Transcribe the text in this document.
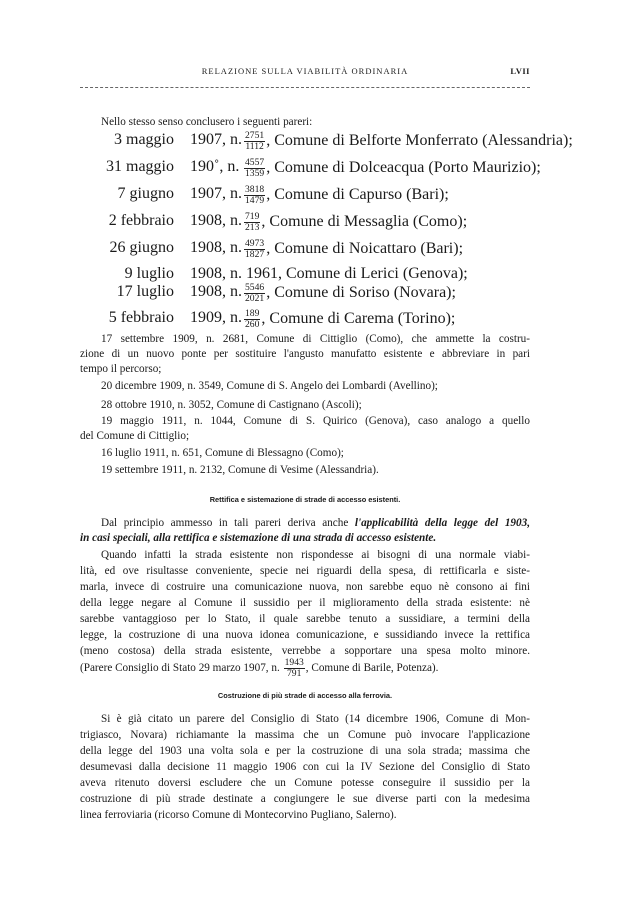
RELAZIONE SULLA VIABILITÀ ORDINARIA	LVII
Nello stesso senso conclusero i seguenti pareri:
3 maggio 1907, n. $\frac{2751}{1112}$ , Comune di Belforte Monferrato (Alessandria);
31 maggio 190˚, n. $\frac{4557}{1359}$ , Comune di Dolceacqua (Porto Maurizio);
7 giugno 1907, n. $\frac{3818}{1479}$ , Comune di Capurso (Bari);
2 febbraio 1908, n. $\frac{719}{213}$ , Comune di Messaglia (Como);
26 giugno 1908, n. $\frac{4973}{1827}$ , Comune di Noicattaro (Bari);
9 luglio 1908, n. 1961, Comune di Lerici (Genova);
17 luglio 1908, n. $\frac{5546}{2021}$ , Comune di Soriso (Novara);
5 febbraio 1909, n. $\frac{189}{260}$ , Comune di Carema (Torino);
17 settembre 1909, n. 2681, Comune di Cittiglio (Como), che ammette la costru-
zione di un nuovo ponte per sostituire l'angusto manufatto esistente e abbreviare in pari
tempo il percorso;
20 dicembre 1909, n. 3549, Comune di S. Angelo dei Lombardi (Avellino);
28 ottobre 1910, n. 3052, Comune di Castignano (Ascoli);
19 maggio 1911, n. 1044, Comune di S. Quirico (Genova), caso analogo a quello
del Comune di Cittiglio;
16 luglio 1911, n. 651, Comune di Blessagno (Como);
19 settembre 1911, n. 2132, Comune di Vesime (Alessandria).
Rettifica e sistemazione di strade di accesso esistenti.
Dal principio ammesso in tali pareri deriva anche l'applicabilità della legge del 1903,
in casi speciali, alla rettifica e sistemazione di una strada di accesso esistente.
Quando infatti la strada esistente non rispondesse ai bisogni di una normale viabi-
lità, ed ove risultasse conveniente, specie nei riguardi della spesa, di rettificarla e siste-
marla, invece di costruire una comunicazione nuova, non sarebbe equo nè consono ai fini
della legge negare al Comune il sussidio per il miglioramento della strada esistente: nè
sarebbe vantaggioso per lo Stato, il quale sarebbe tenuto a sussidiare, a termini della
legge, la costruzione di una nuova idonea comunicazione, e sussidiando invece la rettifica
(meno costosa) della strada esistente, verrebbe a sopportare una spesa molto minore.
(Parere Consiglio di Stato 29 marzo 1907, n. $\frac{1943}{791}$ , Comune di Barile, Potenza).
Costruzione di più strade di accesso alla ferrovia.
Si è già citato un parere del Consiglio di Stato (14 dicembre 1906, Comune di Mon-
trigiasco, Novara) richiamante la massima che un Comune può invocare l'applicazione
della legge del 1903 una volta sola e per la costruzione di una sola strada; massima che
desumevasi dalla decisione 11 maggio 1906 con cui la IV Sezione del Consiglio di Stato
aveva ritenuto doversi escludere che un Comune potesse conseguire il sussidio per la
costruzione di più strade destinate a congiungere le sue diverse parti con la medesima
linea ferroviaria (ricorso Comune di Montecorvino Pugliano, Salerno).
